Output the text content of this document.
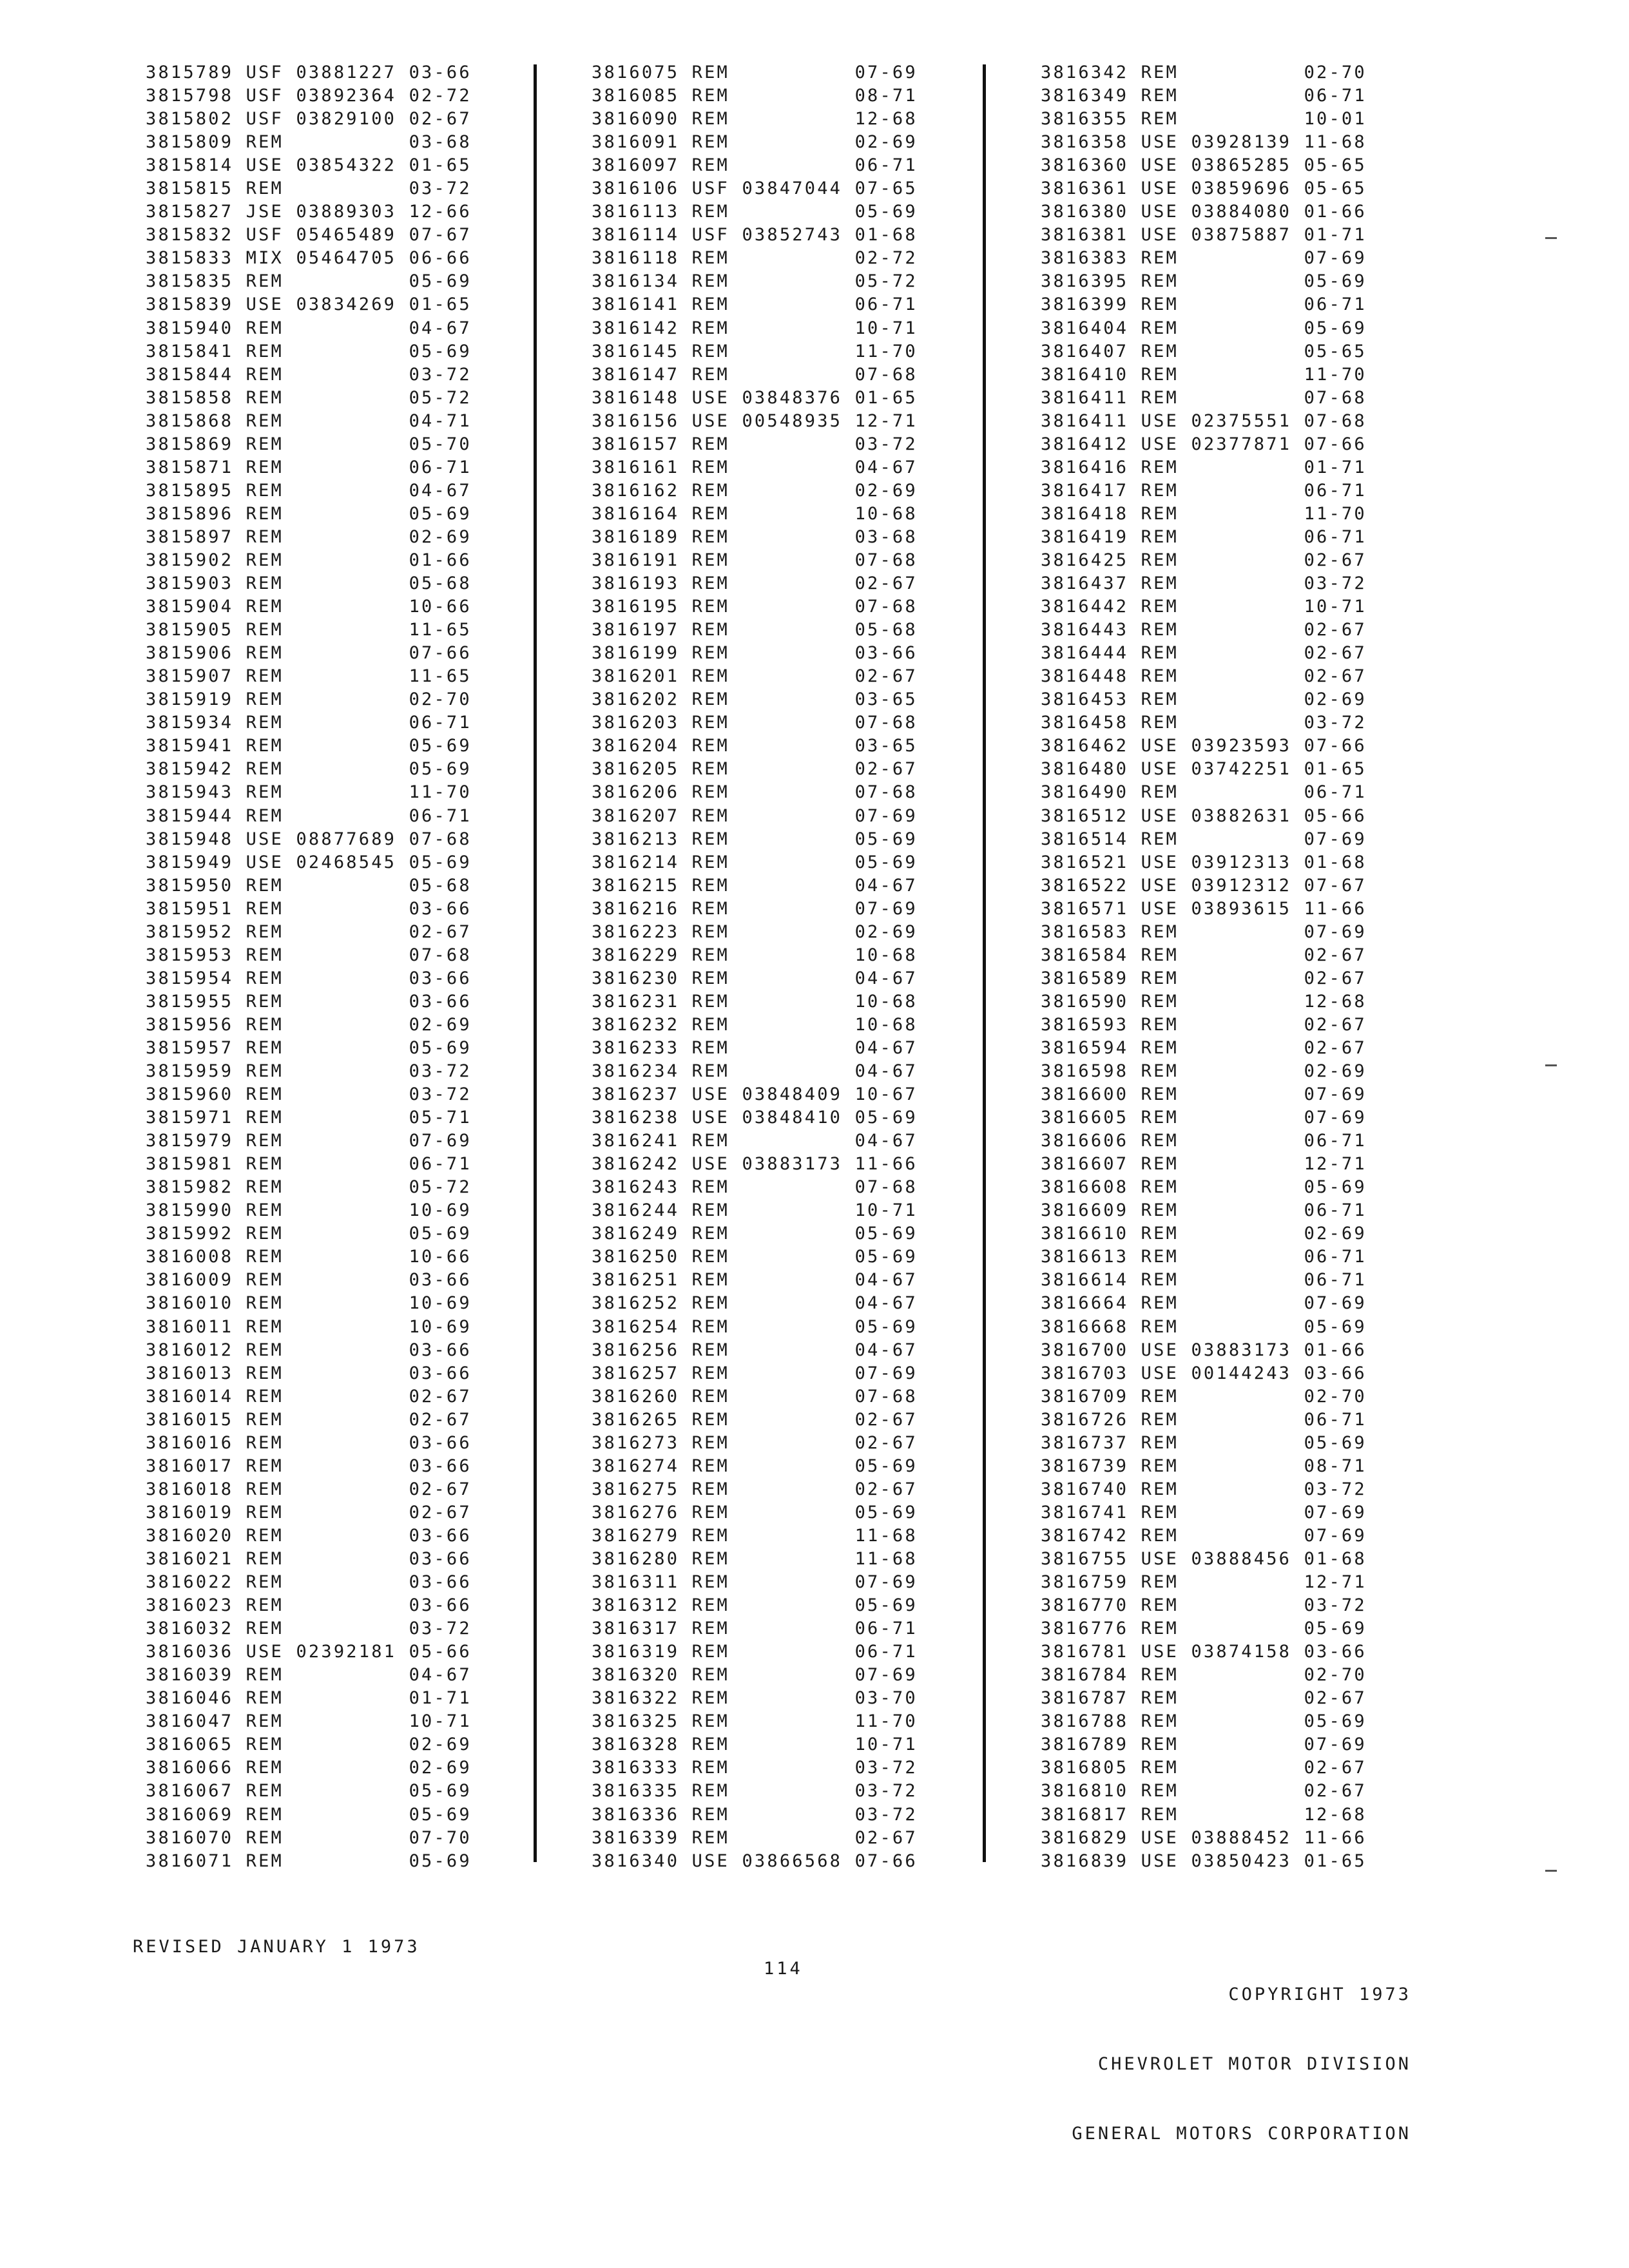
3815789 USF 03881227 03-66
3815798 USF 03892364 02-72
3815802 USF 03829100 02-67
3815809 REM          03-68
3815814 USE 03854322 01-65
3815815 REM          03-72
3815827 JSE 03889303 12-66
3815832 USF 05465489 07-67
3815833 MIX 05464705 06-66
3815835 REM          05-69
3815839 USE 03834269 01-65
3815940 REM          04-67
3815841 REM          05-69
3815844 REM          03-72
3815858 REM          05-72
3815868 REM          04-71
3815869 REM          05-70
3815871 REM          06-71
3815895 REM          04-67
3815896 REM          05-69
3815897 REM          02-69
3815902 REM          01-66
3815903 REM          05-68
3815904 REM          10-66
3815905 REM          11-65
3815906 REM          07-66
3815907 REM          11-65
3815919 REM          02-70
3815934 REM          06-71
3815941 REM          05-69
3815942 REM          05-69
3815943 REM          11-70
3815944 REM          06-71
3815948 USE 08877689 07-68
3815949 USE 02468545 05-69
3815950 REM          05-68
3815951 REM          03-66
3815952 REM          02-67
3815953 REM          07-68
3815954 REM          03-66
3815955 REM          03-66
3815956 REM          02-69
3815957 REM          05-69
3815959 REM          03-72
3815960 REM          03-72
3815971 REM          05-71
3815979 REM          07-69
3815981 REM          06-71
3815982 REM          05-72
3815990 REM          10-69
3815992 REM          05-69
3816008 REM          10-66
3816009 REM          03-66
3816010 REM          10-69
3816011 REM          10-69
3816012 REM          03-66
3816013 REM          03-66
3816014 REM          02-67
3816015 REM          02-67
3816016 REM          03-66
3816017 REM          03-66
3816018 REM          02-67
3816019 REM          02-67
3816020 REM          03-66
3816021 REM          03-66
3816022 REM          03-66
3816023 REM          03-66
3816032 REM          03-72
3816036 USE 02392181 05-66
3816039 REM          04-67
3816046 REM          01-71
3816047 REM          10-71
3816065 REM          02-69
3816066 REM          02-69
3816067 REM          05-69
3816069 REM          05-69
3816070 REM          07-70
3816071 REM          05-69
3816075 REM          07-69
3816085 REM          08-71
3816090 REM          12-68
3816091 REM          02-69
3816097 REM          06-71
3816106 USF 03847044 07-65
3816113 REM          05-69
3816114 USF 03852743 01-68
3816118 REM          02-72
3816134 REM          05-72
3816141 REM          06-71
3816142 REM          10-71
3816145 REM          11-70
3816147 REM          07-68
3816148 USE 03848376 01-65
3816156 USE 00548935 12-71
3816157 REM          03-72
3816161 REM          04-67
3816162 REM          02-69
3816164 REM          10-68
3816189 REM          03-68
3816191 REM          07-68
3816193 REM          02-67
3816195 REM          07-68
3816197 REM          05-68
3816199 REM          03-66
3816201 REM          02-67
3816202 REM          03-65
3816203 REM          07-68
3816204 REM          03-65
3816205 REM          02-67
3816206 REM          07-68
3816207 REM          07-69
3816213 REM          05-69
3816214 REM          05-69
3816215 REM          04-67
3816216 REM          07-69
3816223 REM          02-69
3816229 REM          10-68
3816230 REM          04-67
3816231 REM          10-68
3816232 REM          10-68
3816233 REM          04-67
3816234 REM          04-67
3816237 USE 03848409 10-67
3816238 USE 03848410 05-69
3816241 REM          04-67
3816242 USE 03883173 11-66
3816243 REM          07-68
3816244 REM          10-71
3816249 REM          05-69
3816250 REM          05-69
3816251 REM          04-67
3816252 REM          04-67
3816254 REM          05-69
3816256 REM          04-67
3816257 REM          07-69
3816260 REM          07-68
3816265 REM          02-67
3816273 REM          02-67
3816274 REM          05-69
3816275 REM          02-67
3816276 REM          05-69
3816279 REM          11-68
3816280 REM          11-68
3816311 REM          07-69
3816312 REM          05-69
3816317 REM          06-71
3816319 REM          06-71
3816320 REM          07-69
3816322 REM          03-70
3816325 REM          11-70
3816328 REM          10-71
3816333 REM          03-72
3816335 REM          03-72
3816336 REM          03-72
3816339 REM          02-67
3816340 USE 03866568 07-66
3816342 REM          02-70
3816349 REM          06-71
3816355 REM          10-01
3816358 USE 03928139 11-68
3816360 USE 03865285 05-65
3816361 USE 03859696 05-65
3816380 USE 03884080 01-66
3816381 USE 03875887 01-71
3816383 REM          07-69
3816395 REM          05-69
3816399 REM          06-71
3816404 REM          05-69
3816407 REM          05-65
3816410 REM          11-70
3816411 REM          07-68
3816411 USE 02375551 07-68
3816412 USE 02377871 07-66
3816416 REM          01-71
3816417 REM          06-71
3816418 REM          11-70
3816419 REM          06-71
3816425 REM          02-67
3816437 REM          03-72
3816442 REM          10-71
3816443 REM          02-67
3816444 REM          02-67
3816448 REM          02-67
3816453 REM          02-69
3816458 REM          03-72
3816462 USE 03923593 07-66
3816480 USE 03742251 01-65
3816490 REM          06-71
3816512 USE 03882631 05-66
3816514 REM          07-69
3816521 USE 03912313 01-68
3816522 USE 03912312 07-67
3816571 USE 03893615 11-66
3816583 REM          07-69
3816584 REM          02-67
3816589 REM          02-67
3816590 REM          12-68
3816593 REM          02-67
3816594 REM          02-67
3816598 REM          02-69
3816600 REM          07-69
3816605 REM          07-69
3816606 REM          06-71
3816607 REM          12-71
3816608 REM          05-69
3816609 REM          06-71
3816610 REM          02-69
3816613 REM          06-71
3816614 REM          06-71
3816664 REM          07-69
3816668 REM          05-69
3816700 USE 03883173 01-66
3816703 USE 00144243 03-66
3816709 REM          02-70
3816726 REM          06-71
3816737 REM          05-69
3816739 REM          08-71
3816740 REM          03-72
3816741 REM          07-69
3816742 REM          07-69
3816755 USE 03888456 01-68
3816759 REM          12-71
3816770 REM          03-72
3816776 REM          05-69
3816781 USE 03874158 03-66
3816784 REM          02-70
3816787 REM          02-67
3816788 REM          05-69
3816789 REM          07-69
3816805 REM          02-67
3816810 REM          02-67
3816817 REM          12-68
3816829 USE 03888452 11-66
3816839 USE 03850423 01-65
REVISED JANUARY 1 1973
114

COPYRIGHT 1973

CHEVROLET MOTOR DIVISION

GENERAL MOTORS CORPORATION
